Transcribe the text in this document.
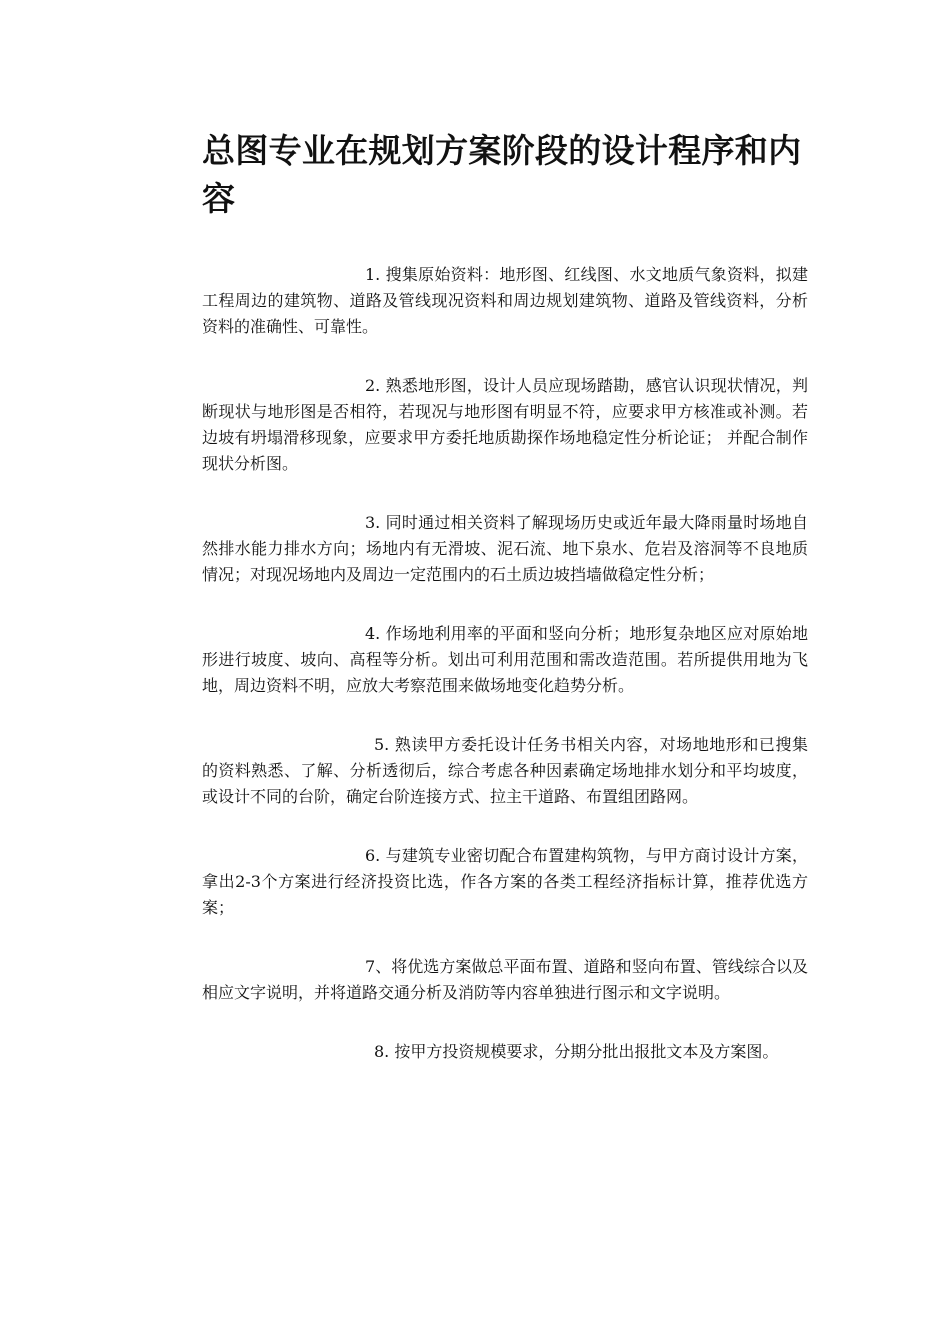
总图专业在规划方案阶段的设计程序和内容

1. 搜集原始资料：地形图、红线图、水文地质气象资料，拟建工程周边的建筑物、道路及管线现况资料和周边规划建筑物、道路及管线资料，分析资料的准确性、可靠性。

2. 熟悉地形图，设计人员应现场踏勘，感官认识现状情况，判断现状与地形图是否相符，若现况与地形图有明显不符，应要求甲方核准或补测。若边坡有坍塌滑移现象，应要求甲方委托地质勘探作场地稳定性分析论证； 并配合制作现状分析图。

3. 同时通过相关资料了解现场历史或近年最大降雨量时场地自然排水能力排水方向；场地内有无滑坡、泥石流、地下泉水、危岩及溶洞等不良地质情况；对现况场地内及周边一定范围内的石土质边坡挡墙做稳定性分析；

4. 作场地利用率的平面和竖向分析；地形复杂地区应对原始地形进行坡度、坡向、高程等分析。划出可利用范围和需改造范围。若所提供用地为飞地，周边资料不明，应放大考察范围来做场地变化趋势分析。

5. 熟读甲方委托设计任务书相关内容，对场地地形和已搜集的资料熟悉、了解、分析透彻后，综合考虑各种因素确定场地排水划分和平均坡度，或设计不同的台阶，确定台阶连接方式、拉主干道路、布置组团路网。

6. 与建筑专业密切配合布置建构筑物，与甲方商讨设计方案，拿出2-3个方案进行经济投资比选，作各方案的各类工程经济指标计算，推荐优选方案；

7、将优选方案做总平面布置、道路和竖向布置、管线综合以及相应文字说明，并将道路交通分析及消防等内容单独进行图示和文字说明。

8. 按甲方投资规模要求，分期分批出报批文本及方案图。
